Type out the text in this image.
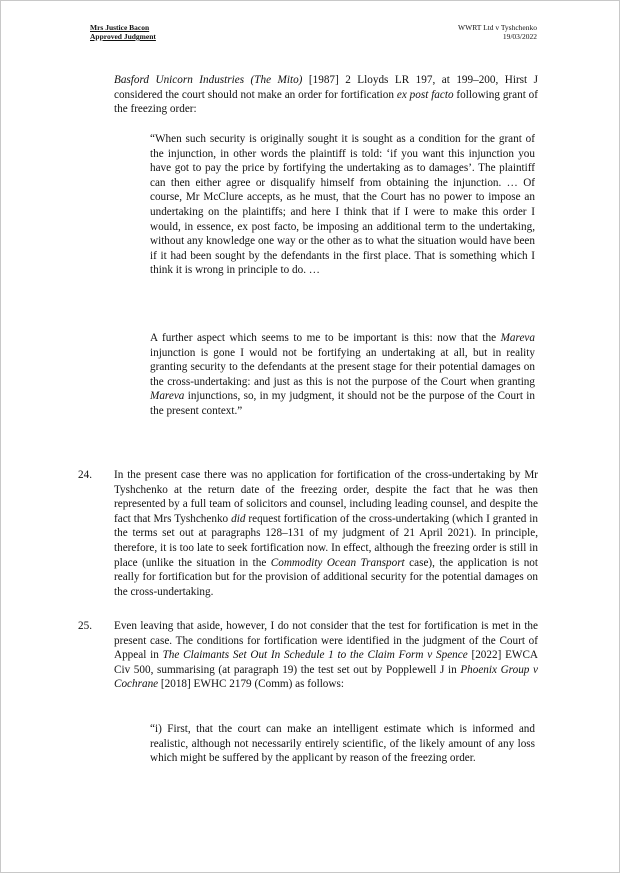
Mrs Justice Bacon
Approved Judgment
WWRT Ltd v Tyshchenko
19/03/2022

Basford Unicorn Industries (The Mito) [1987] 2 Lloyds LR 197, at 199–200, Hirst J considered the court should not make an order for fortification ex post facto following grant of the freezing order:

“When such security is originally sought it is sought as a condition for the grant of the injunction, in other words the plaintiff is told: ‘if you want this injunction you have got to pay the price by fortifying the undertaking as to damages’. The plaintiff can then either agree or disqualify himself from obtaining the injunction. … Of course, Mr McClure accepts, as he must, that the Court has no power to impose an undertaking on the plaintiffs; and here I think that if I were to make this order I would, in essence, ex post facto, be imposing an additional term to the undertaking, without any knowledge one way or the other as to what the situation would have been if it had been sought by the defendants in the first place. That is something which I think it is wrong in principle to do. …

A further aspect which seems to me to be important is this: now that the Mareva injunction is gone I would not be fortifying an undertaking at all, but in reality granting security to the defendants at the present stage for their potential damages on the cross-undertaking: and just as this is not the purpose of the Court when granting Mareva injunctions, so, in my judgment, it should not be the purpose of the Court in the present context.”

24. In the present case there was no application for fortification of the cross-undertaking by Mr Tyshchenko at the return date of the freezing order, despite the fact that he was then represented by a full team of solicitors and counsel, including leading counsel, and despite the fact that Mrs Tyshchenko did request fortification of the cross-undertaking (which I granted in the terms set out at paragraphs 128–131 of my judgment of 21 April 2021). In principle, therefore, it is too late to seek fortification now. In effect, although the freezing order is still in place (unlike the situation in the Commodity Ocean Transport case), the application is not really for fortification but for the provision of additional security for the potential damages on the cross-undertaking.

25. Even leaving that aside, however, I do not consider that the test for fortification is met in the present case. The conditions for fortification were identified in the judgment of the Court of Appeal in The Claimants Set Out In Schedule 1 to the Claim Form v Spence [2022] EWCA Civ 500, summarising (at paragraph 19) the test set out by Popplewell J in Phoenix Group v Cochrane [2018] EWHC 2179 (Comm) as follows:

“i) First, that the court can make an intelligent estimate which is informed and realistic, although not necessarily entirely scientific, of the likely amount of any loss which might be suffered by the applicant by reason of the freezing order.
